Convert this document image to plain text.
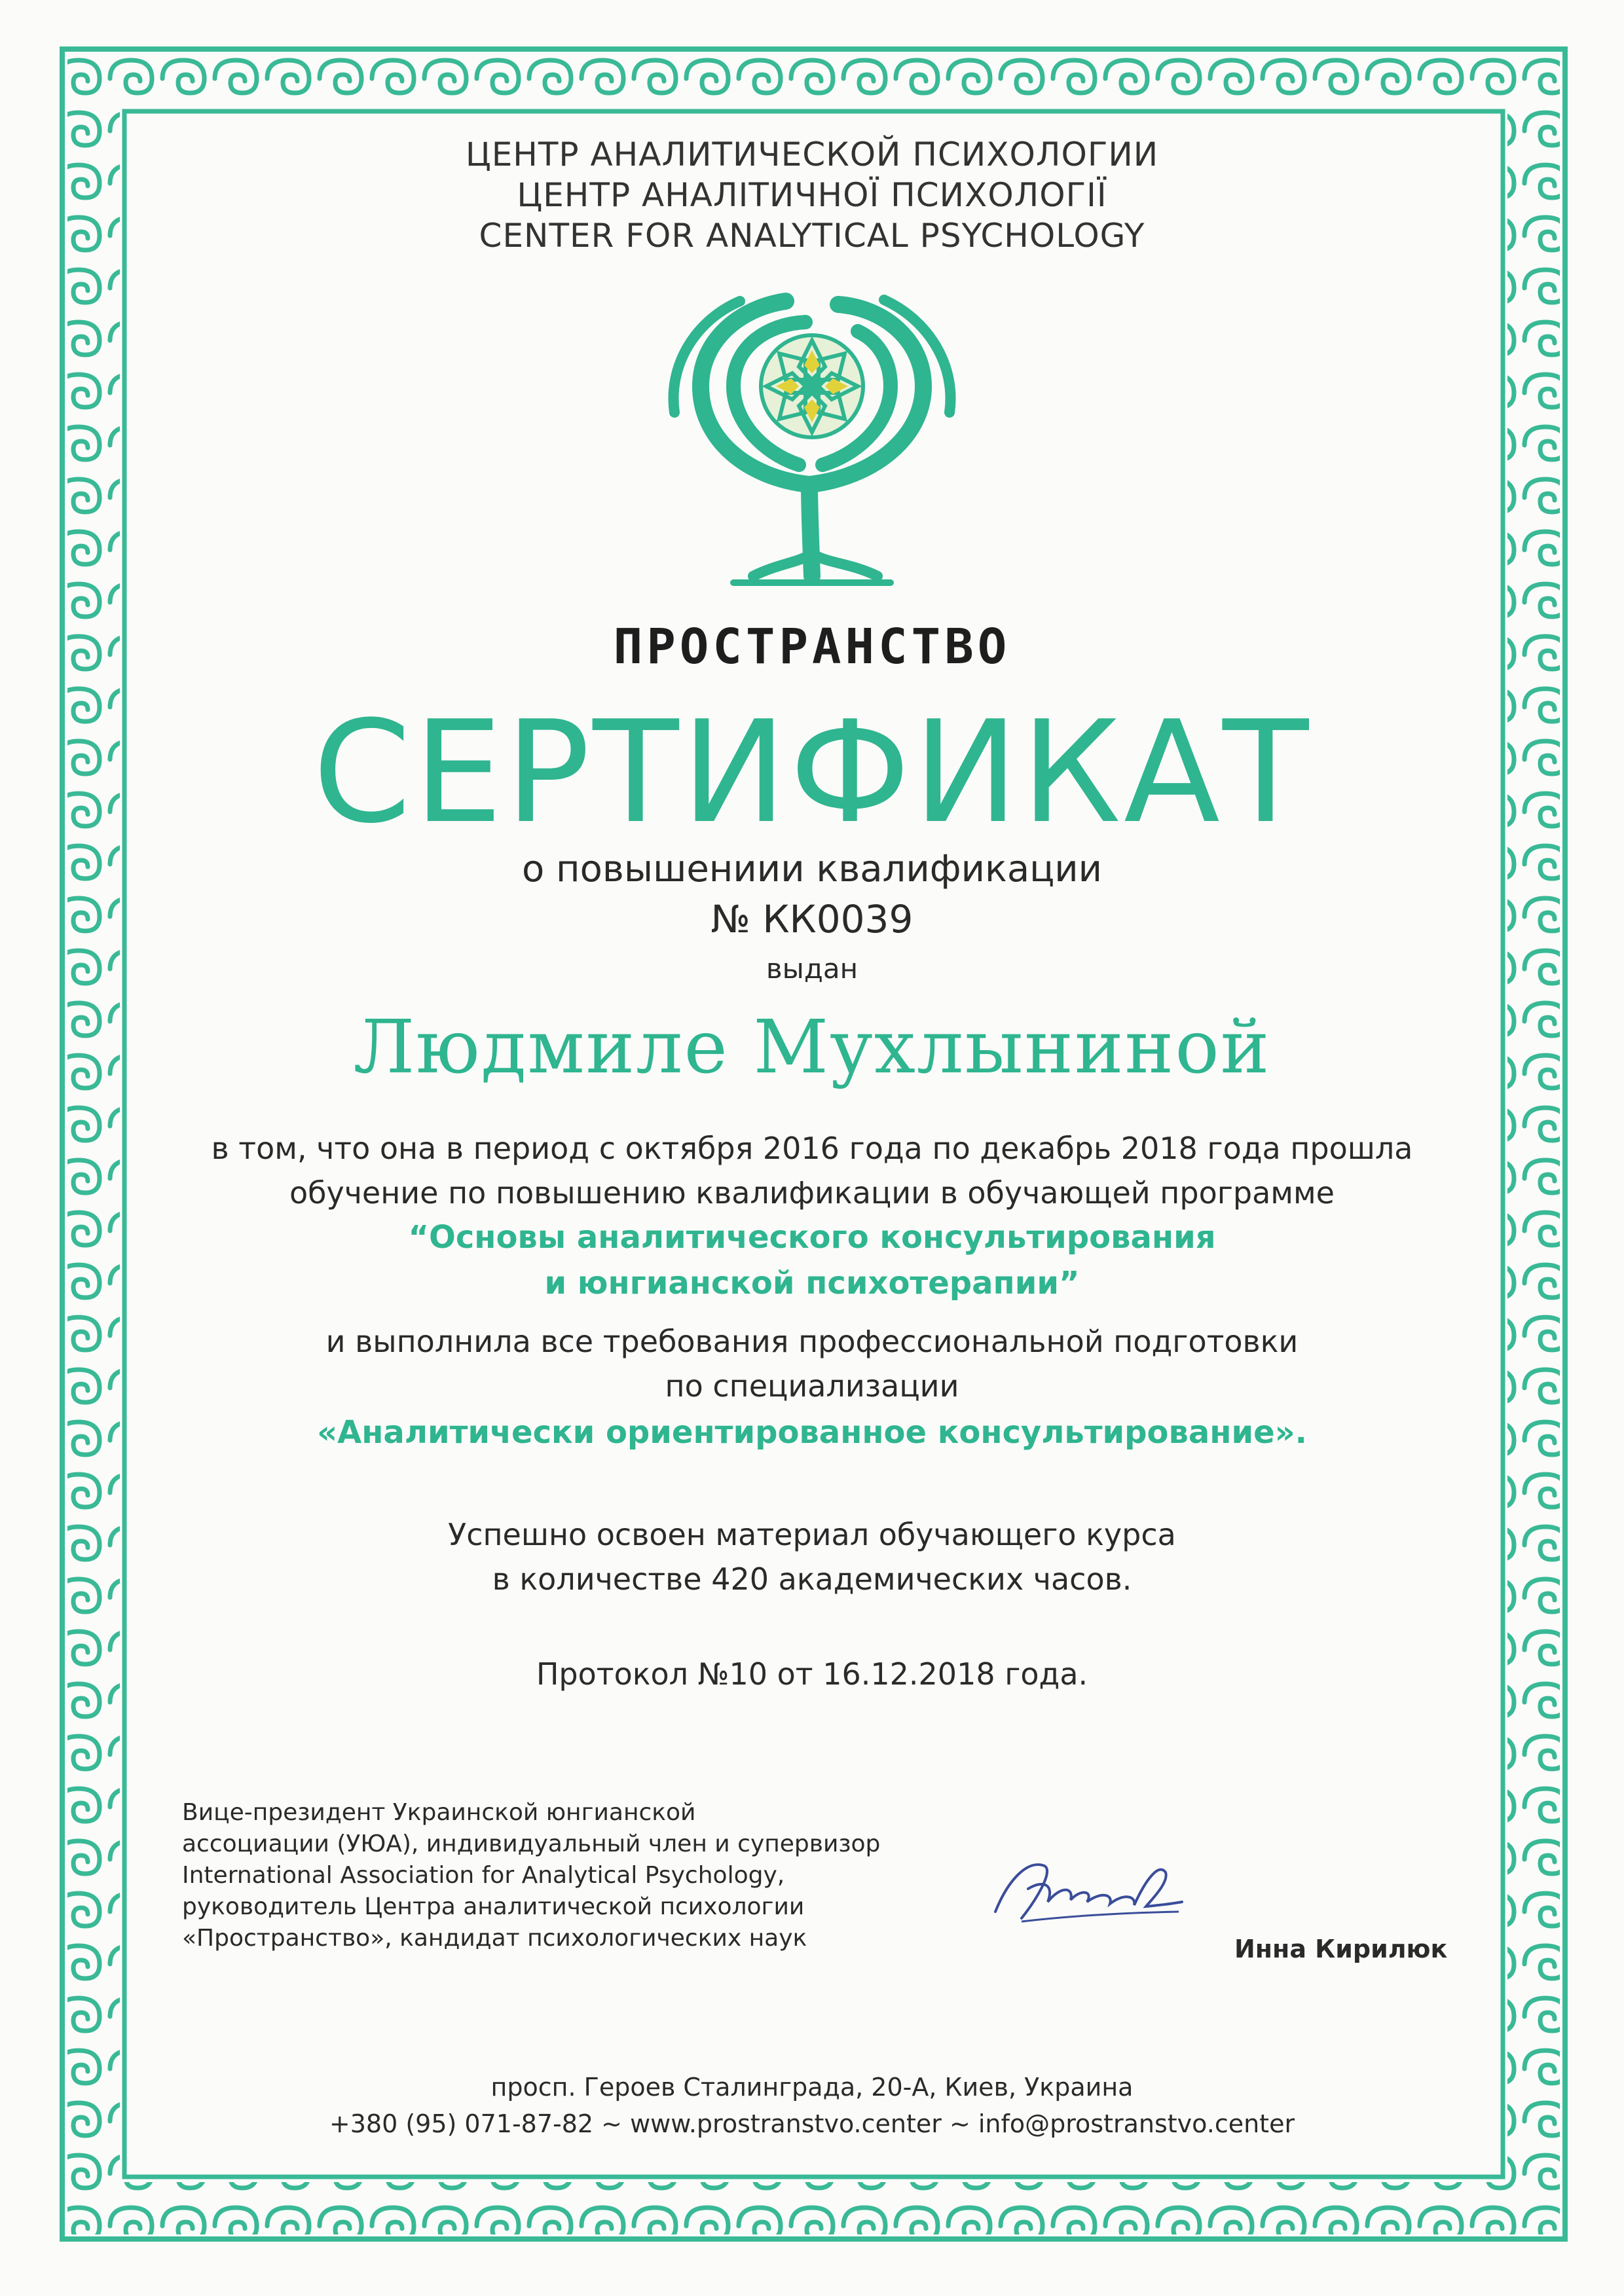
ЦЕНТР АНАЛИТИЧЕСКОЙ ПСИХОЛОГИИ
ЦЕНТР АНАЛІТИЧНОЇ ПСИХОЛОГІЇ
CENTER FOR ANALYTICAL PSYCHOLOGY
ПРОСТРАНСТВО
СЕРТИФИКАТ
о повышениии квалификации
№ КК0039
выдан
Людмиле Мухлыниной
в том, что она в период с октября 2016 года по декабрь 2018 года прошла
обучение по повышению квалификации в обучающей программе
“Основы аналитического консультирования
и юнгианской психотерапии”
и выполнила все требования профессиональной подготовки
по специализации
«Аналитически ориентированное консультирование».
Успешно освоен материал обучающего курса
в количестве 420 академических часов.
Протокол №10 от 16.12.2018 года.
Вице-президент Украинской юнгианской
ассоциации (УЮА), индивидуальный член и супервизор
International Association for Analytical Psychology,
руководитель Центра аналитической психологии
«Пространство», кандидат психологических наук	Инна Кирилюк
просп. Героев Сталинграда, 20-А, Киев, Украина
+380 (95) 071-87-82 ~ www.prostranstvo.center ~ info@prostranstvo.center
